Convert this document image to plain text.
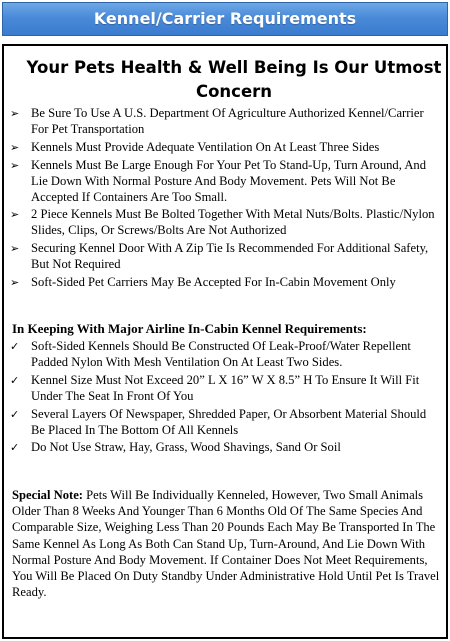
Kennel/Carrier Requirements
Your Pets Health & Well Being Is Our Utmost Concern
➢ Be Sure To Use A U.S. Department Of Agriculture Authorized Kennel/Carrier For Pet Transportation
➢ Kennels Must Provide Adequate Ventilation On At Least Three Sides
➢ Kennels Must Be Large Enough For Your Pet To Stand-Up, Turn Around, And Lie Down With Normal Posture And Body Movement. Pets Will Not Be Accepted If Containers Are Too Small.
➢ 2 Piece Kennels Must Be Bolted Together With Metal Nuts/Bolts. Plastic/Nylon Slides, Clips, Or Screws/Bolts Are Not Authorized
➢ Securing Kennel Door With A Zip Tie Is Recommended For Additional Safety, But Not Required
➢ Soft-Sided Pet Carriers May Be Accepted For In-Cabin Movement Only
In Keeping With Major Airline In-Cabin Kennel Requirements:
✓ Soft-Sided Kennels Should Be Constructed Of Leak-Proof/Water Repellent Padded Nylon With Mesh Ventilation On At Least Two Sides.
✓ Kennel Size Must Not Exceed 20” L X 16” W X 8.5” H To Ensure It Will Fit Under The Seat In Front Of You
✓ Several Layers Of Newspaper, Shredded Paper, Or Absorbent Material Should Be Placed In The Bottom Of All Kennels
✓ Do Not Use Straw, Hay, Grass, Wood Shavings, Sand Or Soil

Special Note: Pets Will Be Individually Kenneled, However, Two Small Animals Older Than 8 Weeks And Younger Than 6 Months Old Of The Same Species And Comparable Size, Weighing Less Than 20 Pounds Each May Be Transported In The Same Kennel As Long As Both Can Stand Up, Turn-Around, And Lie Down With Normal Posture And Body Movement. If Container Does Not Meet Requirements, You Will Be Placed On Duty Standby Under Administrative Hold Until Pet Is Travel Ready.
